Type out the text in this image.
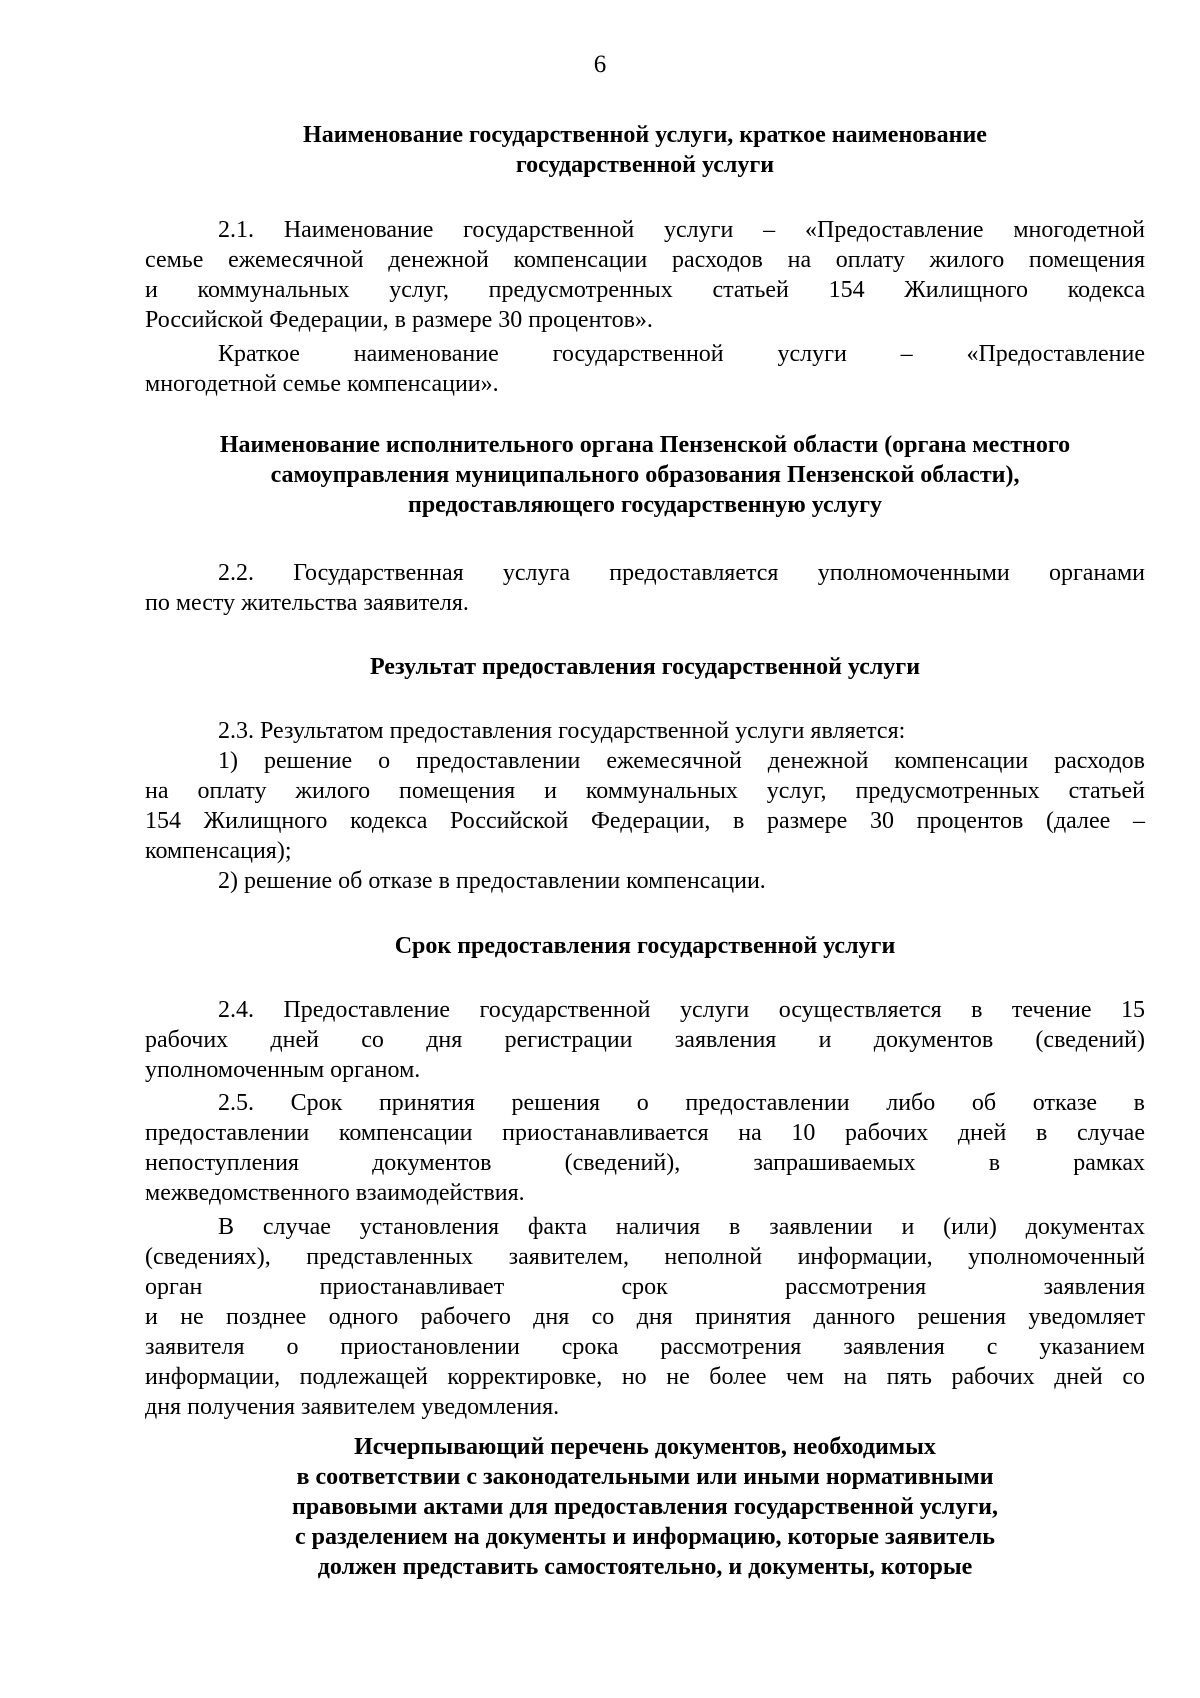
6
Наименование государственной услуги, краткое наименование
государственной услуги
2.1. Наименование государственной услуги – «Предоставление многодетной
семье ежемесячной денежной компенсации расходов на оплату жилого помещения
и коммунальных услуг, предусмотренных статьей 154 Жилищного кодекса
Российской Федерации, в размере 30 процентов».
Краткое наименование государственной услуги – «Предоставление
многодетной семье компенсации».
Наименование исполнительного органа Пензенской области (органа местного
самоуправления муниципального образования Пензенской области),
предоставляющего государственную услугу
2.2. Государственная услуга предоставляется уполномоченными органами
по месту жительства заявителя.
Результат предоставления государственной услуги
2.3. Результатом предоставления государственной услуги является:
1) решение о предоставлении ежемесячной денежной компенсации расходов
на оплату жилого помещения и коммунальных услуг, предусмотренных статьей
154 Жилищного кодекса Российской Федерации, в размере 30 процентов (далее –
компенсация);
2) решение об отказе в предоставлении компенсации.
Срок предоставления государственной услуги
2.4. Предоставление государственной услуги осуществляется в течение 15
рабочих дней со дня регистрации заявления и документов (сведений)
уполномоченным органом.
2.5. Срок принятия решения о предоставлении либо об отказе в
предоставлении компенсации приостанавливается на 10 рабочих дней в случае
непоступления документов (сведений), запрашиваемых в рамках
межведомственного взаимодействия.
В случае установления факта наличия в заявлении и (или) документах
(сведениях), представленных заявителем, неполной информации, уполномоченный
орган приостанавливает срок рассмотрения заявления
и не позднее одного рабочего дня со дня принятия данного решения уведомляет
заявителя о приостановлении срока рассмотрения заявления с указанием
информации, подлежащей корректировке, но не более чем на пять рабочих дней со
дня получения заявителем уведомления.
Исчерпывающий перечень документов, необходимых
в соответствии с законодательными или иными нормативными
правовыми актами для предоставления государственной услуги,
с разделением на документы и информацию, которые заявитель
должен представить самостоятельно, и документы, которые
